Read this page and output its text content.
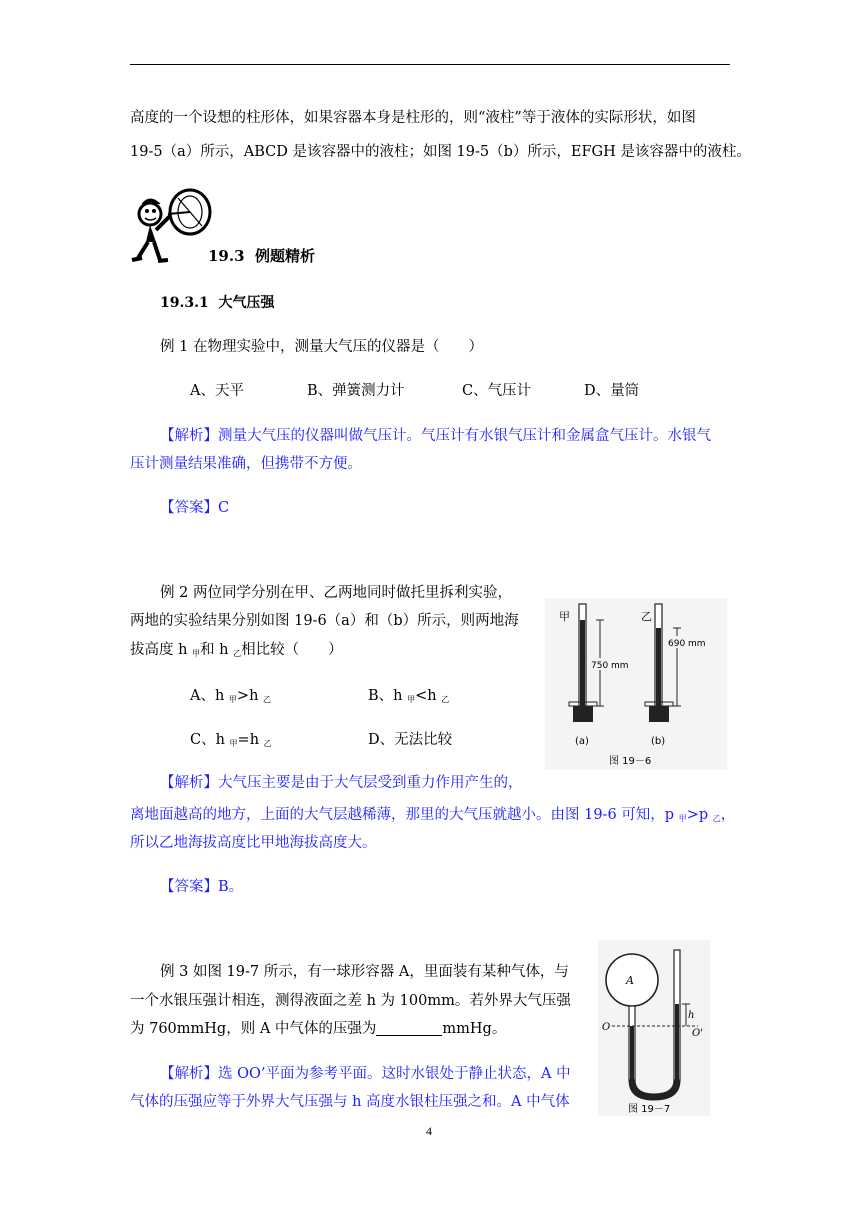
高度的一个设想的柱形体，如果容器本身是柱形的，则“液柱”等于液体的实际形状，如图
19-5（a）所示，ABCD 是该容器中的液柱；如图 19-5（b）所示，EFGH 是该容器中的液柱。
19.3 例题精析
19.3.1 大气压强
例 1 在物理实验中，测量大气压的仪器是（　　）
A、天平	B、弹簧测力计	C、气压计	D、量筒
【解析】测量大气压的仪器叫做气压计。气压计有水银气压计和金属盒气压计。水银气
压计测量结果准确，但携带不方便。
【答案】C
例 2 两位同学分别在甲、乙两地同时做托里拆利实验，
两地的实验结果分别如图 19-6（a）和（b）所示，则两地海
拔高度 h $_甲$和 h $_乙$相比较（　　）
A、h $_甲$>h $_乙$	B、h $_甲$<h $_乙$
C、h $_甲$=h $_乙$	D、无法比较
甲
750 mm
(a)
乙
690 mm
(b)
图 19－6
【解析】大气压主要是由于大气层受到重力作用产生的，
离地面越高的地方，上面的大气层越稀薄，那里的大气压就越小。由图 19-6 可知，p $_甲$>p $_乙$，
所以乙地海拔高度比甲地海拔高度大。
【答案】B。
例 3 如图 19-7 所示，有一球形容器 A，里面装有某种气体，与
一个水银压强计相连，测得液面之差 h 为 100mm。若外界大气压强
为 760mmHg，则 A 中气体的压强为	mmHg。
【解析】选 OO’平面为参考平面。这时水银处于静止状态，A 中
气体的压强应等于外界大气压强与 h 高度水银柱压强之和。A 中气体
A
h
O
O'
图 19－7
4
